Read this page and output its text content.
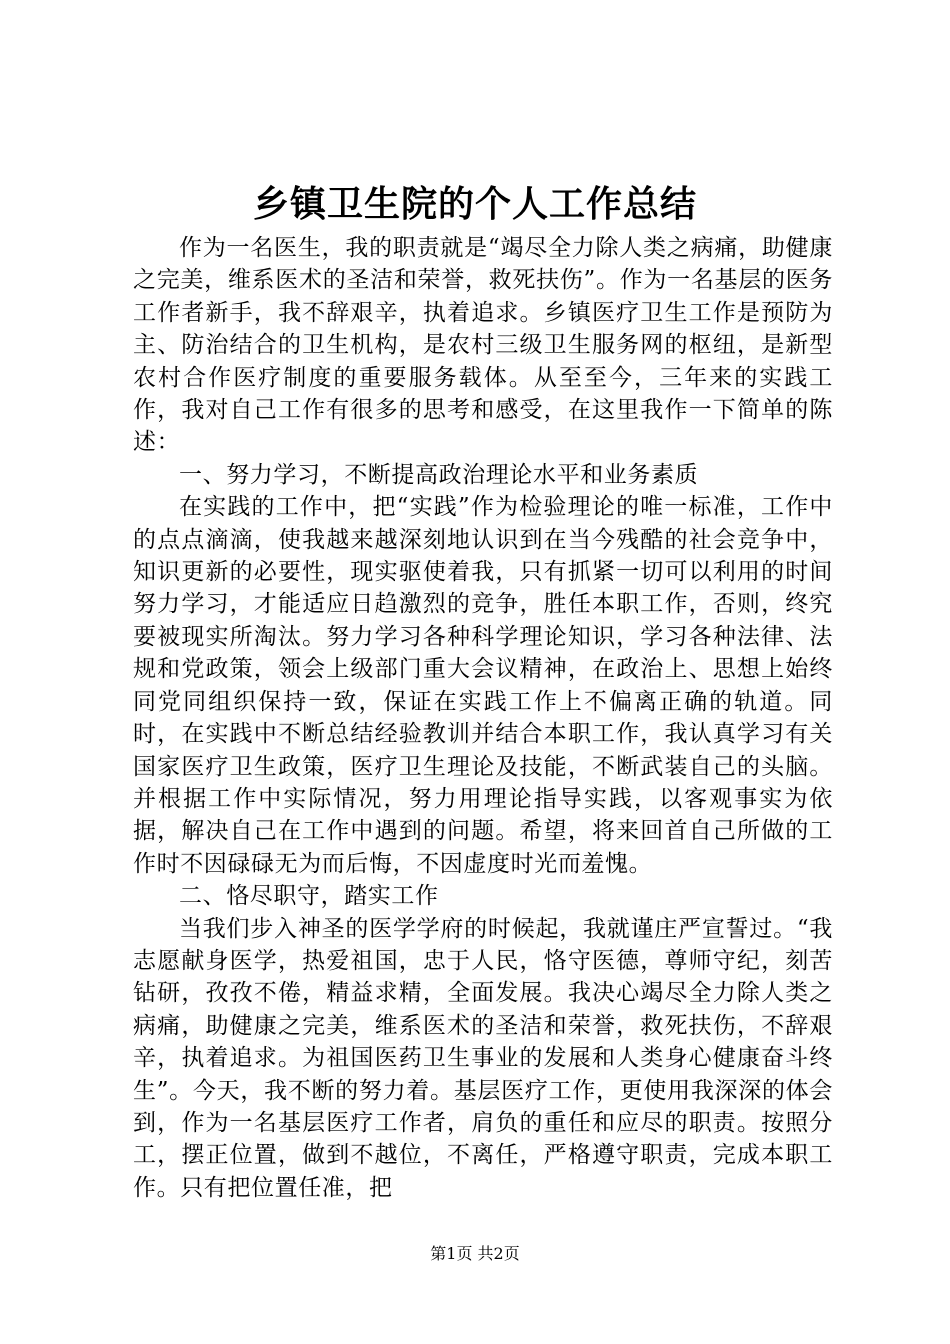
乡镇卫生院的个人工作总结

作为一名医生，我的职责就是“竭尽全力除人类之病痛，助健康之完美，维系医术的圣洁和荣誉，救死扶伤”。作为一名基层的医务工作者新手，我不辞艰辛，执着追求。乡镇医疗卫生工作是预防为主、防治结合的卫生机构，是农村三级卫生服务网的枢纽，是新型农村合作医疗制度的重要服务载体。从至至今，三年来的实践工作，我对自己工作有很多的思考和感受，在这里我作一下简单的陈述：

一、努力学习，不断提高政治理论水平和业务素质

在实践的工作中，把“实践”作为检验理论的唯一标准，工作中的点点滴滴，使我越来越深刻地认识到在当今残酷的社会竞争中，知识更新的必要性，现实驱使着我，只有抓紧一切可以利用的时间努力学习，才能适应日趋激烈的竞争，胜任本职工作，否则，终究要被现实所淘汰。努力学习各种科学理论知识，学习各种法律、法规和党政策，领会上级部门重大会议精神，在政治上、思想上始终同党同组织保持一致，保证在实践工作上不偏离正确的轨道。同时，在实践中不断总结经验教训并结合本职工作，我认真学习有关国家医疗卫生政策，医疗卫生理论及技能，不断武装自己的头脑。并根据工作中实际情况，努力用理论指导实践，以客观事实为依据，解决自己在工作中遇到的问题。希望，将来回首自己所做的工作时不因碌碌无为而后悔，不因虚度时光而羞愧。

二、恪尽职守，踏实工作

当我们步入神圣的医学学府的时候起，我就谨庄严宣誓过。“我志愿献身医学，热爱祖国，忠于人民，恪守医德，尊师守纪，刻苦钻研，孜孜不倦，精益求精，全面发展。我决心竭尽全力除人类之病痛，助健康之完美，维系医术的圣洁和荣誉，救死扶伤，不辞艰辛，执着追求。为祖国医药卫生事业的发展和人类身心健康奋斗终生”。今天，我不断的努力着。基层医疗工作，更使用我深深的体会到，作为一名基层医疗工作者，肩负的重任和应尽的职责。按照分工，摆正位置，做到不越位，不离任，严格遵守职责，完成本职工作。只有把位置任准，把

第1页 共2页
